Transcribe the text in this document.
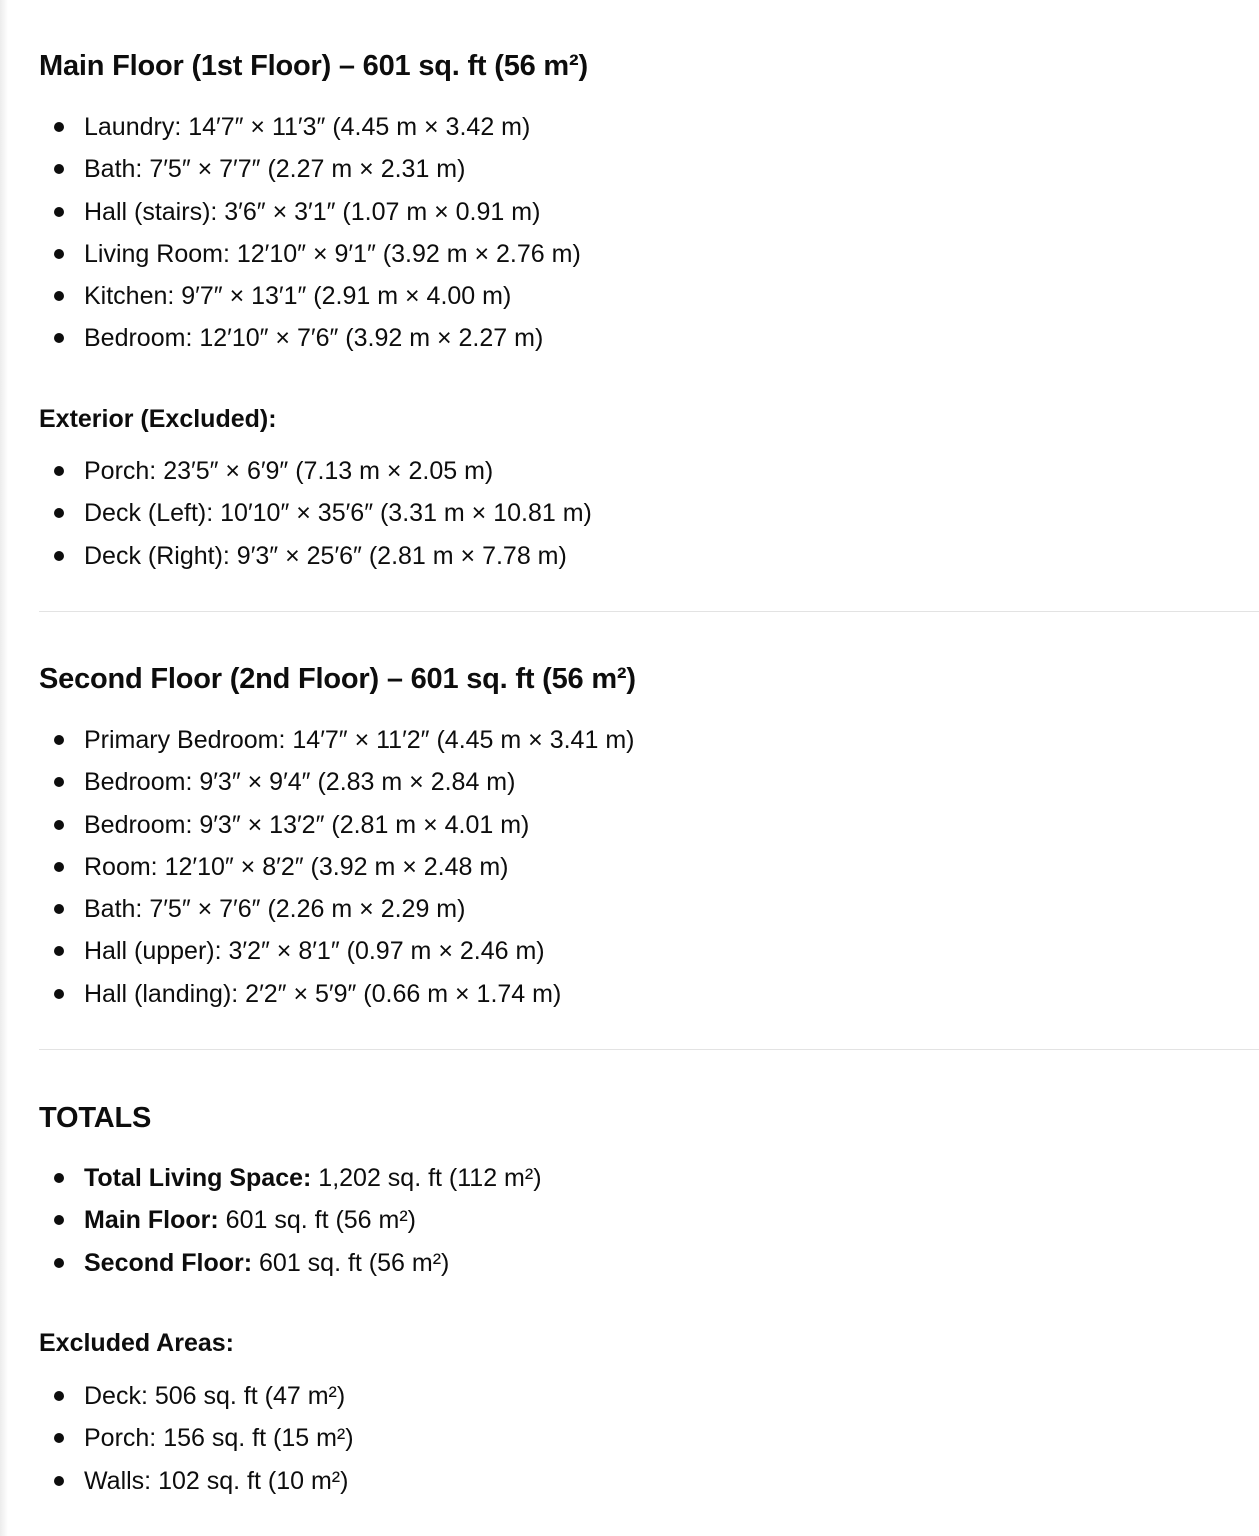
Main Floor (1st Floor) – 601 sq. ft (56 m²)
Laundry: 14′7″ × 11′3″ (4.45 m × 3.42 m)
Bath: 7′5″ × 7′7″ (2.27 m × 2.31 m)
Hall (stairs): 3′6″ × 3′1″ (1.07 m × 0.91 m)
Living Room: 12′10″ × 9′1″ (3.92 m × 2.76 m)
Kitchen: 9′7″ × 13′1″ (2.91 m × 4.00 m)
Bedroom: 12′10″ × 7′6″ (3.92 m × 2.27 m)
Exterior (Excluded):
Porch: 23′5″ × 6′9″ (7.13 m × 2.05 m)
Deck (Left): 10′10″ × 35′6″ (3.31 m × 10.81 m)
Deck (Right): 9′3″ × 25′6″ (2.81 m × 7.78 m)
Second Floor (2nd Floor) – 601 sq. ft (56 m²)
Primary Bedroom: 14′7″ × 11′2″ (4.45 m × 3.41 m)
Bedroom: 9′3″ × 9′4″ (2.83 m × 2.84 m)
Bedroom: 9′3″ × 13′2″ (2.81 m × 4.01 m)
Room: 12′10″ × 8′2″ (3.92 m × 2.48 m)
Bath: 7′5″ × 7′6″ (2.26 m × 2.29 m)
Hall (upper): 3′2″ × 8′1″ (0.97 m × 2.46 m)
Hall (landing): 2′2″ × 5′9″ (0.66 m × 1.74 m)
TOTALS
Total Living Space: 1,202 sq. ft (112 m²)
Main Floor: 601 sq. ft (56 m²)
Second Floor: 601 sq. ft (56 m²)
Excluded Areas:
Deck: 506 sq. ft (47 m²)
Porch: 156 sq. ft (15 m²)
Walls: 102 sq. ft (10 m²)
